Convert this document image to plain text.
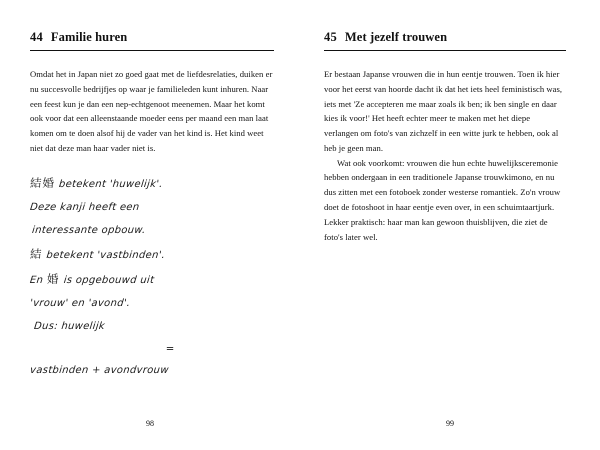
44 Familie huren

Omdat het in Japan niet zo goed gaat met de liefdesrelaties, duiken er nu succesvolle bedrijfjes op waar je familieleden kunt inhuren. Naar een feest kun je dan een nep-echtgenoot meenemen. Maar het komt ook voor dat een alleenstaande moeder eens per maand een man laat komen om te doen alsof hij de vader van het kind is. Het kind weet niet dat deze man haar vader niet is.

結婚 betekent 'huwelijk'.
Deze kanji heeft een
interessante opbouw.
結 betekent 'vastbinden'.
En 婚 is opgebouwd uit
'vrouw' en 'avond'.
Dus: huwelijk
=
vastbinden + avondvrouw
98
45 Met jezelf trouwen

Er bestaan Japanse vrouwen die in hun eentje trouwen. Toen ik hier voor het eerst van hoorde dacht ik dat het iets heel feministisch was, iets met 'Ze accepteren me maar zoals ik ben; ik ben single en daar kies ik voor!' Het heeft echter meer te maken met het diepe verlangen om foto's van zichzelf in een witte jurk te hebben, ook al heb je geen man.

Wat ook voorkomt: vrouwen die hun echte huwelijksceremonie hebben ondergaan in een traditionele Japanse trouwkimono, en nu dus zitten met een fotoboek zonder westerse romantiek. Zo'n vrouw doet de fotoshoot in haar eentje even over, in een schuimtaartjurk. Lekker praktisch: haar man kan gewoon thuisblijven, die ziet de foto's later wel.

99
